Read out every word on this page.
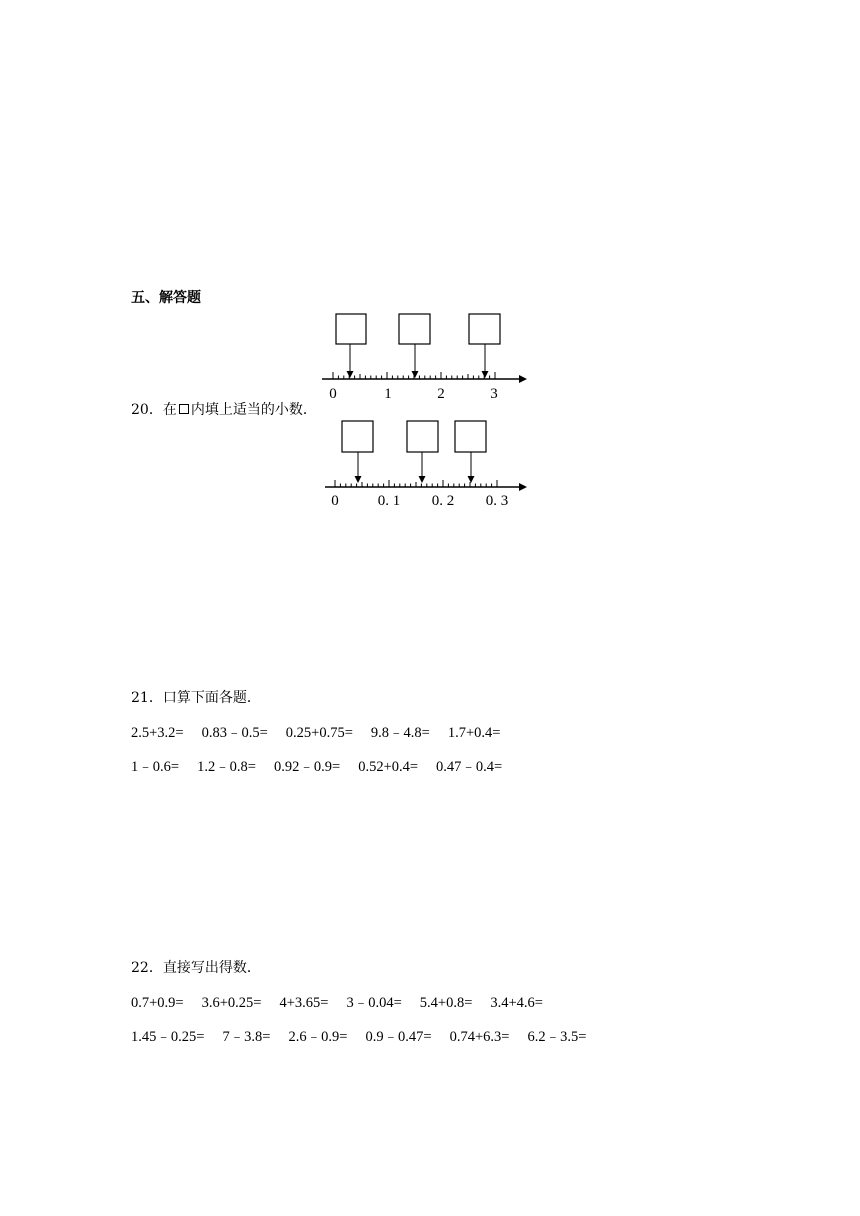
五、解答题
20．在 内填上适当的小数．
0	1	2	3
0	0. 1 0. 2 0. 3
21．口算下面各题．
2.5+3.2= 0.83﹣0.5= 0.25+0.75= 9.8﹣4.8= 1.7+0.4=
1﹣0.6= 1.2﹣0.8= 0.92﹣0.9= 0.52+0.4= 0.47﹣0.4=
22．直接写出得数．
0.7+0.9= 3.6+0.25= 4+3.65= 3﹣0.04= 5.4+0.8= 3.4+4.6=
1.45﹣0.25= 7﹣3.8= 2.6﹣0.9= 0.9﹣0.47= 0.74+6.3= 6.2﹣3.5=
